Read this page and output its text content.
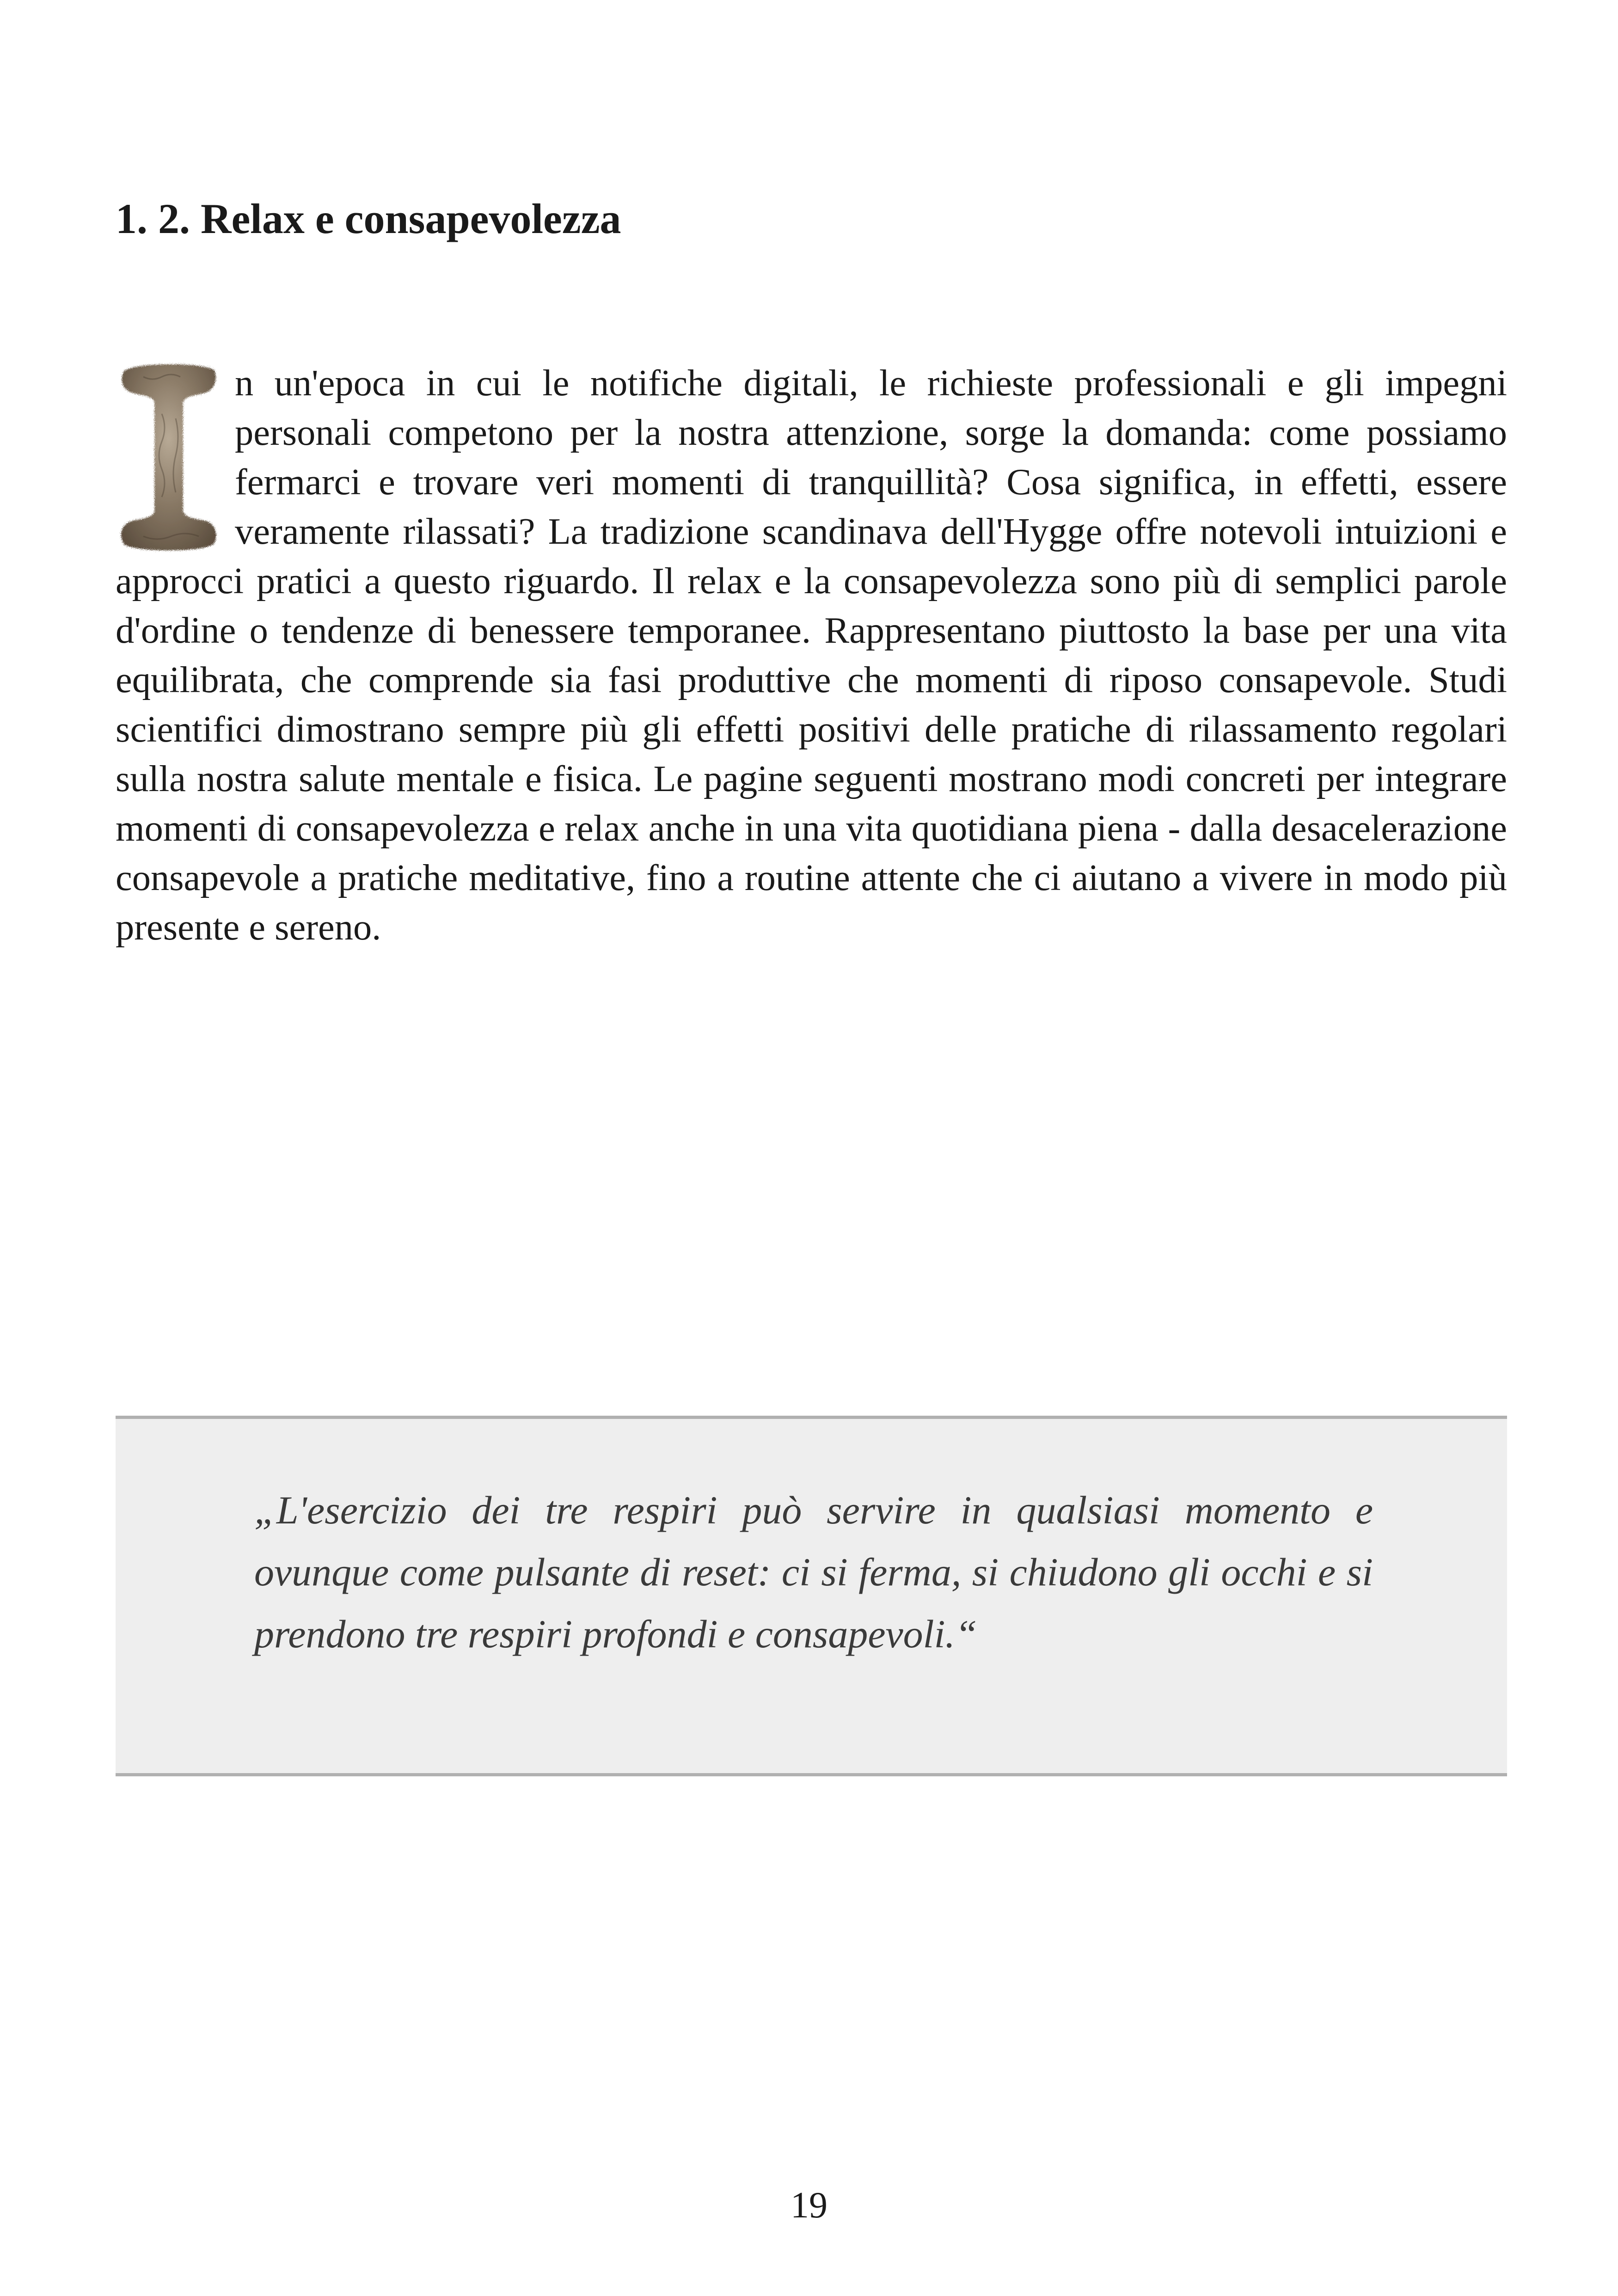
1. 2. Relax e consapevolezza

n un'epoca in cui le notifiche digitali, le richieste professionali e gli impegni personali competono per la nostra attenzione, sorge la domanda: come possiamo fermarci e trovare veri momenti di tranquillità? Cosa significa, in effetti, essere veramente rilassati? La tradizione scandinava dell'Hygge offre notevoli intuizioni e approcci pratici a questo riguardo. Il relax e la consapevolezza sono più di semplici parole d'ordine o tendenze di benessere temporanee. Rappresentano piuttosto la base per una vita equilibrata, che comprende sia fasi produttive che momenti di riposo consapevole. Studi scientifici dimostrano sempre più gli effetti positivi delle pratiche di rilassamento regolari sulla nostra salute mentale e fisica. Le pagine seguenti mostrano modi concreti per integrare momenti di consapevolezza e relax anche in una vita quotidiana piena - dalla desacelerazione consapevole a pratiche meditative, fino a routine attente che ci aiutano a vivere in modo più presente e sereno.

„L'esercizio dei tre respiri può servire in qualsiasi momento e ovunque come pulsante di reset: ci si ferma, si chiudono gli occhi e si prendono tre respiri profondi e consapevoli.“

19
